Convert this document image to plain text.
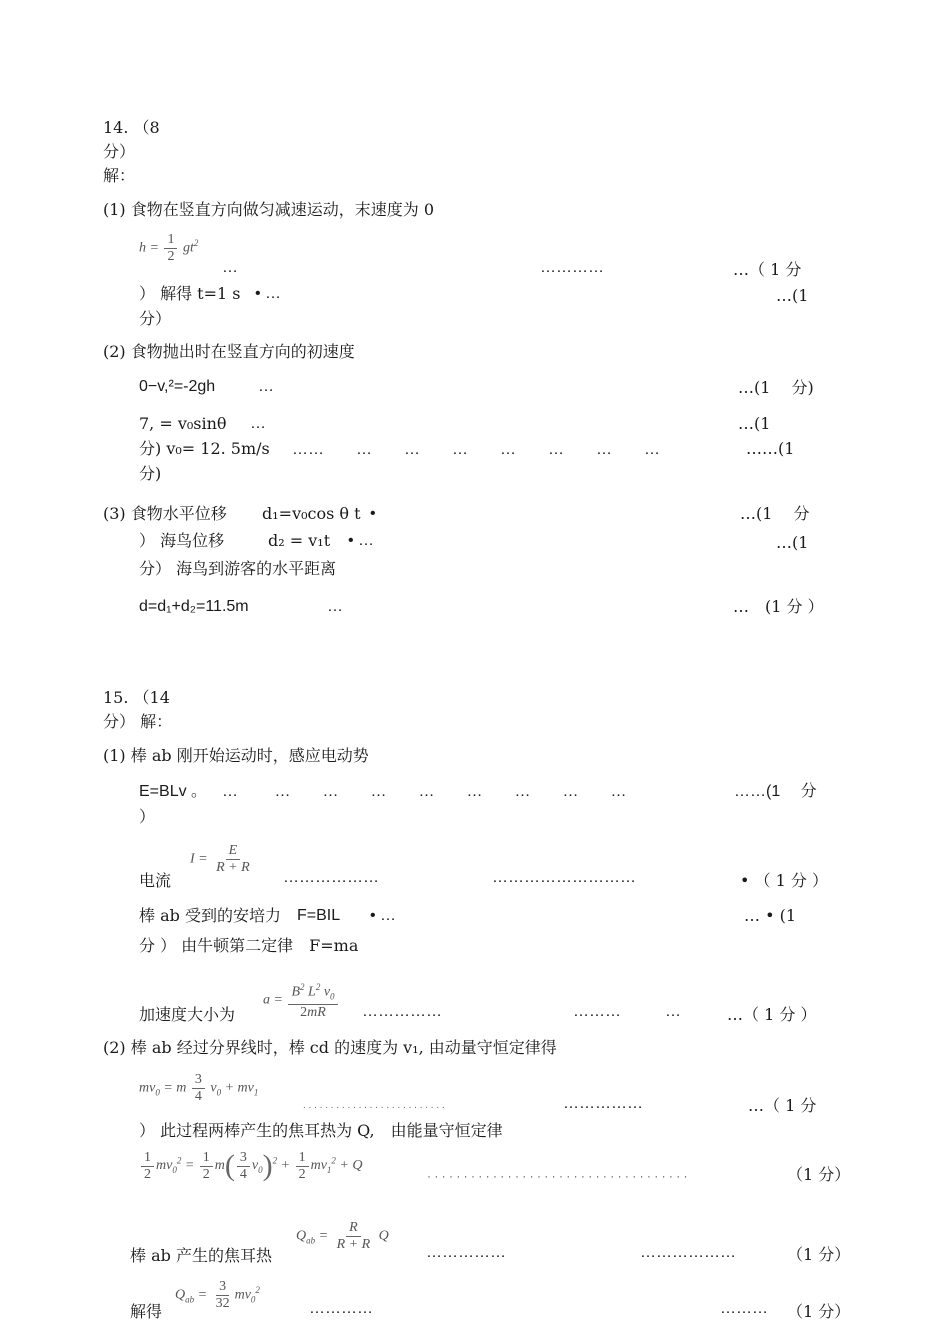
14. （8
分）
解：
(1) 食物在竖直方向做匀减速运动，末速度为 0
$h = \frac{1}{2} gt^2$
…	…………	…（ 1 分
） 解得 t=1 s • …	…(1
分）
(2) 食物抛出时在竖直方向的初速度
0−v,²=-2gh	…	…(1　 分)
7, = v₀sinθ …	…(1
分) v₀= 12. 5m/s ……　　…　　…　　…　　…　　…　　…　　…	……(1
分)
(3) 食物水平位移 d₁=v₀cos θ t •	…(1　 分
） 海鸟位移	d₂ = v₁t • …	…(1
分） 海鸟到游客的水平距离
d=d₁+d₂=11.5m	…	…　(1 分 ）
15. （14
分） 解：
(1) 棒 ab 刚开始运动时，感应电动势
E=BLv 。 …　　 …　　…　　…　　…　　…　　…　　…　　…	……(1　 分
）
电流
$I = \frac{E}{R + R}$
………………	………………………	• （ 1 分 ）
棒 ab 受到的安培力 F=BIL • …	… • (1
分 ） 由牛顿第二定律　F=ma
加速度大小为
$a = \frac{B^2 L^2 v_0}{2mR}$ ……………	………	…	…（ 1 分 ）
(2) 棒 ab 经过分界线时，棒 cd 的速度为 v₁, 由动量守恒定律得
$mv_0 = m \frac{3}{4} v_0 + mv_1$
. . . . . . . . . . . . . . . . . . . . . . . . . .	……………	…（ 1 分
） 此过程两棒产生的焦耳热为 Q,　由能量守恒定律
$\frac{1}{2} mv_0^2 = \frac{1}{2} m( \frac{3}{4} v_0)^2 + \frac{1}{2} mv_1^2 + Q$
· · · · · · · · · · · · · · · · · · · · · · · · · · · · · · · · · · · ·	（1 分）
棒 ab 产生的焦耳热
$Q_{ab} = \frac{R}{R + R}$ Q
……………	………………	（1 分）
解得
$Q_{ab} = \frac{3}{32} mv_0^2$
…………	……… （1 分）
